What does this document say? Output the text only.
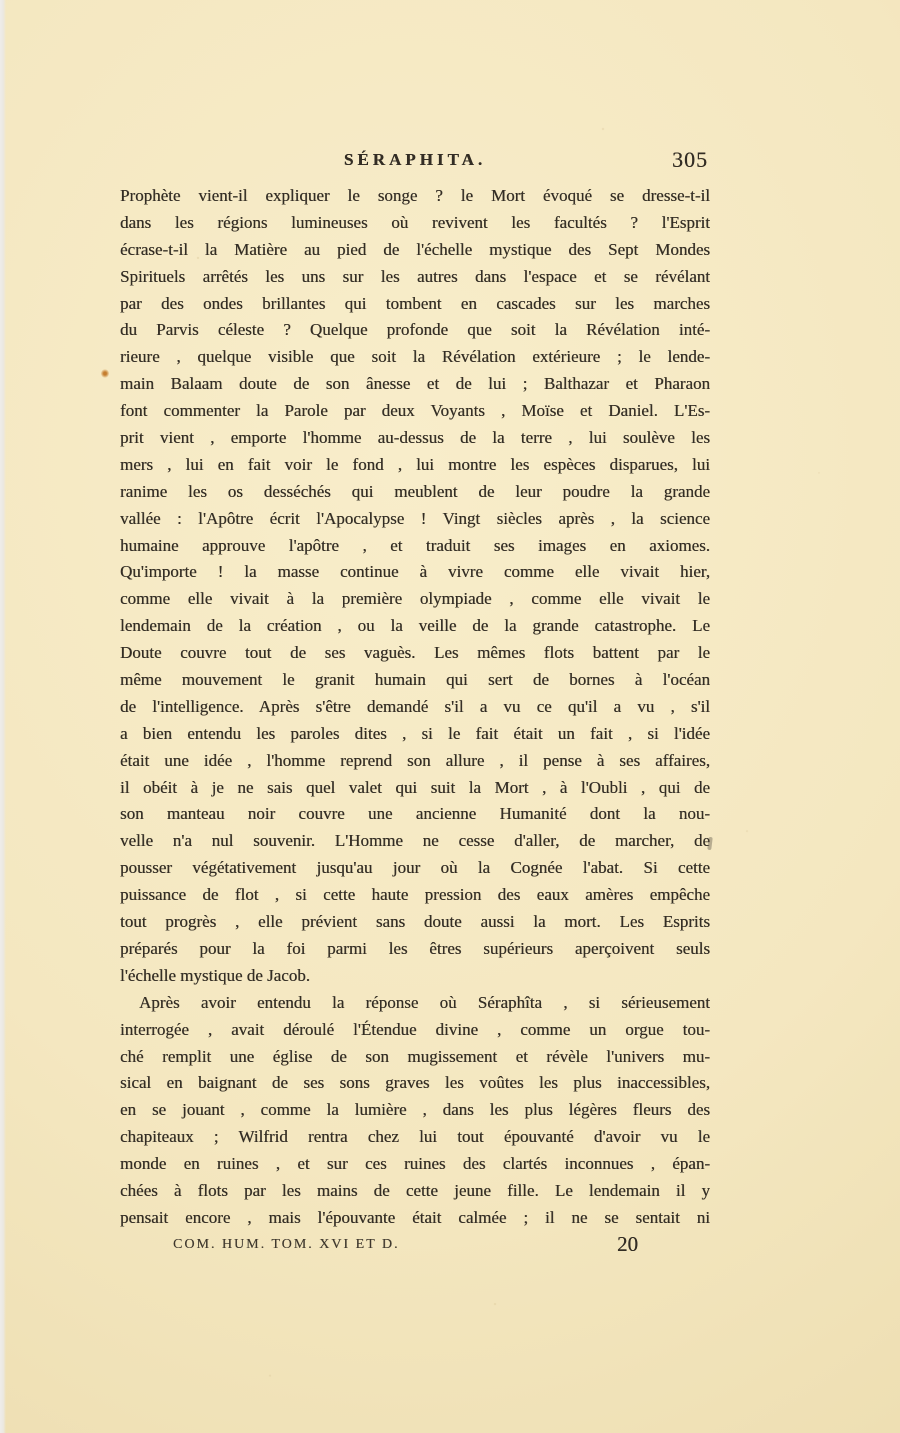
SÉRAPHITA.	305
Prophète vient-il expliquer le songe ? le Mort évoqué se dresse-t-il
dans les régions lumineuses où revivent les facultés ? l'Esprit
écrase-t-il la Matière au pied de l'échelle mystique des Sept Mondes
Spirituels arrêtés les uns sur les autres dans l'espace et se révélant
par des ondes brillantes qui tombent en cascades sur les marches
du Parvis céleste ? Quelque profonde que soit la Révélation inté-
rieure , quelque visible que soit la Révélation extérieure ; le lende-
main Balaam doute de son ânesse et de lui ; Balthazar et Pharaon
font commenter la Parole par deux Voyants , Moïse et Daniel. L'Es-
prit vient , emporte l'homme au-dessus de la terre , lui soulève les
mers , lui en fait voir le fond , lui montre les espèces disparues, lui
ranime les os desséchés qui meublent de leur poudre la grande
vallée : l'Apôtre écrit l'Apocalypse ! Vingt siècles après , la science
humaine approuve l'apôtre , et traduit ses images en axiomes.
Qu'importe ! la masse continue à vivre comme elle vivait hier,
comme elle vivait à la première olympiade , comme elle vivait le
lendemain de la création , ou la veille de la grande catastrophe. Le
Doute couvre tout de ses vaguès. Les mêmes flots battent par le
même mouvement le granit humain qui sert de bornes à l'océan
de l'intelligence. Après s'être demandé s'il a vu ce qu'il a vu , s'il
a bien entendu les paroles dites , si le fait était un fait , si l'idée
était une idée , l'homme reprend son allure , il pense à ses affaires,
il obéit à je ne sais quel valet qui suit la Mort , à l'Oubli , qui de
son manteau noir couvre une ancienne Humanité dont la nou-
velle n'a nul souvenir. L'Homme ne cesse d'aller, de marcher, de
pousser végétativement jusqu'au jour où la Cognée l'abat. Si cette
puissance de flot , si cette haute pression des eaux amères empêche
tout progrès , elle prévient sans doute aussi la mort. Les Esprits
préparés pour la foi parmi les êtres supérieurs aperçoivent seuls
l'échelle mystique de Jacob.
Après avoir entendu la réponse où Séraphîta , si sérieusement
interrogée , avait déroulé l'Étendue divine , comme un orgue tou-
ché remplit une église de son mugissement et révèle l'univers mu-
sical en baignant de ses sons graves les voûtes les plus inaccessibles,
en se jouant , comme la lumière , dans les plus légères fleurs des
chapiteaux ; Wilfrid rentra chez lui tout épouvanté d'avoir vu le
monde en ruines , et sur ces ruines des clartés inconnues , épan-
chées à flots par les mains de cette jeune fille. Le lendemain il y
pensait encore , mais l'épouvante était calmée ; il ne se sentait ni
COM. HUM. TOM. XVI ET D.	20
